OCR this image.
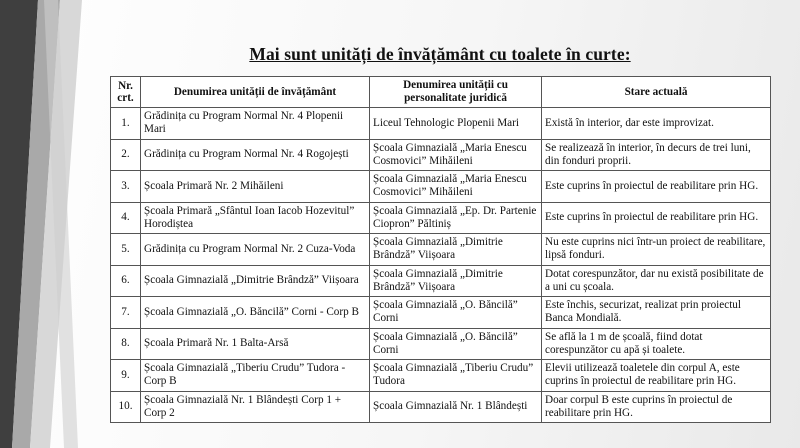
Mai sunt unități de învățământ cu toalete în curte:
Nr. crt.	Denumirea unității de învățământ	Denumirea unității cu personalitate juridică	Stare actuală
1.	Grădinița cu Program Normal Nr. 4 Plopenii Mari	Liceul Tehnologic Plopenii Mari	Există în interior, dar este improvizat.
2.	Grădinița cu Program Normal Nr. 4 Rogojești	Școala Gimnazială „Maria Enescu Cosmovici” Mihăileni	Se realizează în interior, în decurs de trei luni, din fonduri proprii.
3.	Școala Primară Nr. 2 Mihăileni	Școala Gimnazială „Maria Enescu Cosmovici” Mihăileni	Este cuprins în proiectul de reabilitare prin HG.
4.	Școala Primară „Sfântul Ioan Iacob Hozevitul” Horodiștea	Școala Gimnazială „Ep. Dr. Partenie Ciopron” Păltiniș	Este cuprins în proiectul de reabilitare prin HG.
5.	Grădinița cu Program Normal Nr. 2 Cuza-Voda	Școala Gimnazială „Dimitrie Brândză” Viișoara	Nu este cuprins nici într-un proiect de reabilitare, lipsă fonduri.
6.	Școala Gimnazială „Dimitrie Brândză” Viișoara	Școala Gimnazială „Dimitrie Brândză” Viișoara	Dotat corespunzător, dar nu există posibilitate de a uni cu școala.
7.	Școala Gimnazială „O. Băncilă” Corni - Corp B	Școala Gimnazială „O. Băncilă” Corni	Este închis, securizat, realizat prin proiectul Banca Mondială.
8.	Școala Primară Nr. 1 Balta-Arsă	Școala Gimnazială „O. Băncilă” Corni	Se află la 1 m de școală, fiind dotat corespunzător cu apă și toalete.
9.	Școala Gimnazială „Tiberiu Crudu” Tudora - Corp B	Școala Gimnazială „Tiberiu Crudu” Tudora	Elevii utilizează toaletele din corpul A, este cuprins în proiectul de reabilitare prin HG.
10.	Școala Gimnazială Nr. 1 Blândești Corp 1 + Corp 2	Școala Gimnazială Nr. 1 Blândești	Doar corpul B este cuprins în proiectul de reabilitare prin HG.
